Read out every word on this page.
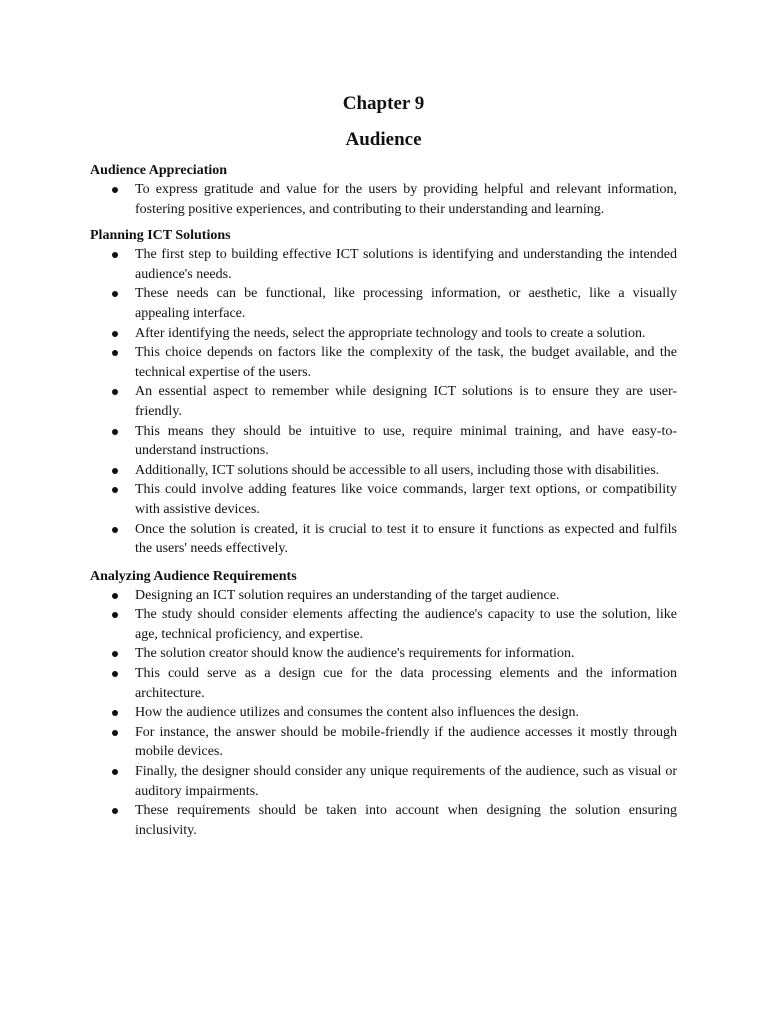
Chapter 9
Audience
Audience Appreciation
To express gratitude and value for the users by providing helpful and relevant information, fostering positive experiences, and contributing to their understanding and learning.
Planning ICT Solutions
The first step to building effective ICT solutions is identifying and understanding the intended audience's needs.
These needs can be functional, like processing information, or aesthetic, like a visually appealing interface.
After identifying the needs, select the appropriate technology and tools to create a solution.
This choice depends on factors like the complexity of the task, the budget available, and the technical expertise of the users.
An essential aspect to remember while designing ICT solutions is to ensure they are user-friendly.
This means they should be intuitive to use, require minimal training, and have easy-to-understand instructions.
Additionally, ICT solutions should be accessible to all users, including those with disabilities.
This could involve adding features like voice commands, larger text options, or compatibility with assistive devices.
Once the solution is created, it is crucial to test it to ensure it functions as expected and fulfils the users' needs effectively.
Analyzing Audience Requirements
Designing an ICT solution requires an understanding of the target audience.
The study should consider elements affecting the audience's capacity to use the solution, like age, technical proficiency, and expertise.
The solution creator should know the audience's requirements for information.
This could serve as a design cue for the data processing elements and the information architecture.
How the audience utilizes and consumes the content also influences the design.
For instance, the answer should be mobile-friendly if the audience accesses it mostly through mobile devices.
Finally, the designer should consider any unique requirements of the audience, such as visual or auditory impairments.
These requirements should be taken into account when designing the solution ensuring inclusivity.
